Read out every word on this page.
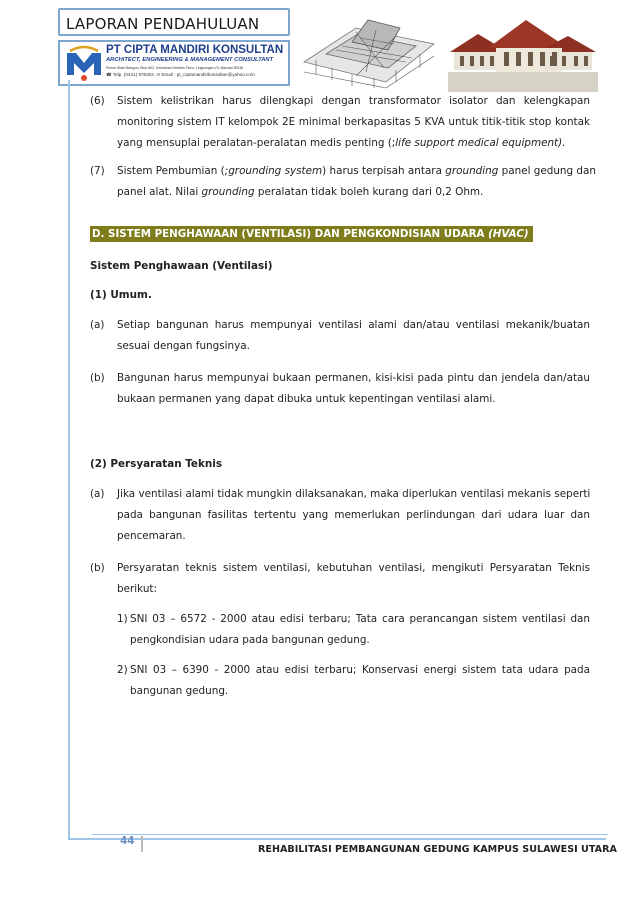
LAPORAN PENDAHULUAN
PT CIPTA MANDIRI KONSULTAN
ARCHITECT, ENGINEERING & MANAGEMENT CONSULTANT
Perum Wale Manguni, Blok AK2, Kelurahan Kembes Timur, Lingkungan VII, Manado 95236
☎ Telp. (0431) 876302, ✉ Email : pt_ciptamandirikonsultan@yahoo.com
(6) Sistem kelistrikan harus dilengkapi dengan transformator isolator dan kelengkapan
monitoring sistem IT kelompok 2E minimal berkapasitas 5 KVA untuk titik-titik stop kontak
yang mensuplai peralatan-peralatan medis penting (;life support medical equipment).
(7) Sistem Pembumian (;grounding system) harus terpisah antara grounding panel gedung dan
panel alat. Nilai grounding peralatan tidak boleh kurang dari 0,2 Ohm.
D. SISTEM PENGHAWAAN (VENTILASI) DAN PENGKONDISIAN UDARA (HVAC)
Sistem Penghawaan (Ventilasi)
(1) Umum.
(a) Setiap bangunan harus mempunyai ventilasi alami dan/atau ventilasi mekanik/buatan
sesuai dengan fungsinya.
(b) Bangunan harus mempunyai bukaan permanen, kisi-kisi pada pintu dan jendela dan/atau
bukaan permanen yang dapat dibuka untuk kepentingan ventilasi alami.
(2) Persyaratan Teknis
(a) Jika ventilasi alami tidak mungkin dilaksanakan, maka diperlukan ventilasi mekanis seperti
pada bangunan fasilitas tertentu yang memerlukan perlindungan dari udara luar dan
pencemaran.
(b) Persyaratan teknis sistem ventilasi, kebutuhan ventilasi, mengikuti Persyaratan Teknis
berikut:
1) SNI 03 – 6572 - 2000 atau edisi terbaru; Tata cara perancangan sistem ventilasi dan
pengkondisian udara pada bangunan gedung.
2) SNI 03 – 6390 - 2000 atau edisi terbaru; Konservasi energi sistem tata udara pada
bangunan gedung.
44
REHABILITASI PEMBANGUNAN GEDUNG KAMPUS SULAWESI UTARA
